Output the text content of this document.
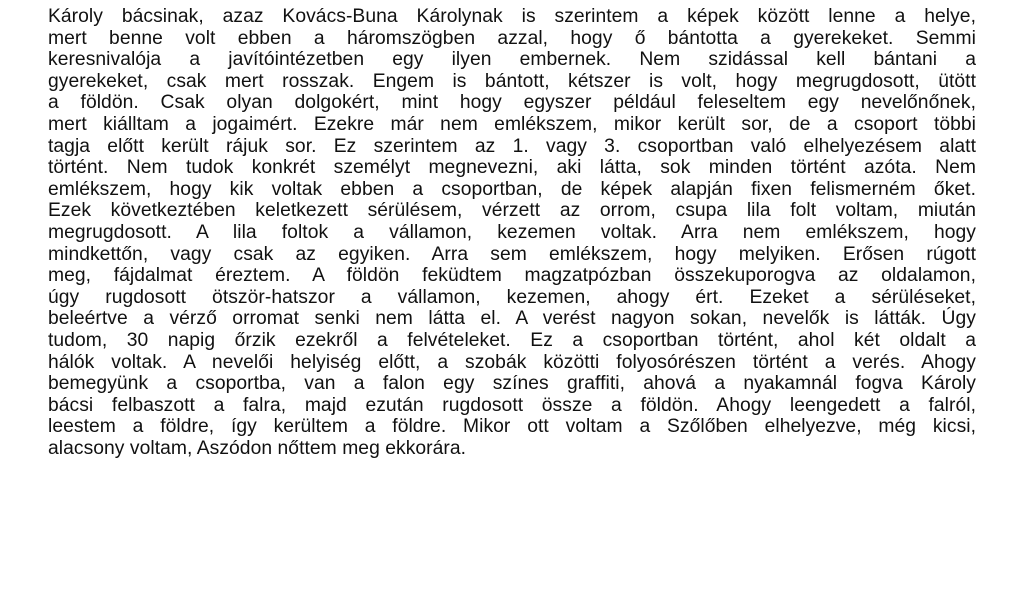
Károly bácsinak, azaz Kovács-Buna Károlynak is szerintem a képek között lenne a helye,
mert benne volt ebben a háromszögben azzal, hogy ő bántotta a gyerekeket. Semmi
keresnivalója a javítóintézetben egy ilyen embernek. Nem szidással kell bántani a
gyerekeket, csak mert rosszak. Engem is bántott, kétszer is volt, hogy megrugdosott, ütött
a földön. Csak olyan dolgokért, mint hogy egyszer például feleseltem egy nevelőnőnek,
mert kiálltam a jogaimért. Ezekre már nem emlékszem, mikor került sor, de a csoport többi
tagja előtt került rájuk sor. Ez szerintem az 1. vagy 3. csoportban való elhelyezésem alatt
történt. Nem tudok konkrét személyt megnevezni, aki látta, sok minden történt azóta. Nem
emlékszem, hogy kik voltak ebben a csoportban, de képek alapján fixen felismerném őket.
Ezek következtében keletkezett sérülésem, vérzett az orrom, csupa lila folt voltam, miután
megrugdosott. A lila foltok a vállamon, kezemen voltak. Arra nem emlékszem, hogy
mindkettőn, vagy csak az egyiken. Arra sem emlékszem, hogy melyiken. Erősen rúgott
meg, fájdalmat éreztem. A földön feküdtem magzatpózban összekuporogva az oldalamon,
úgy rugdosott ötször-hatszor a vállamon, kezemen, ahogy ért. Ezeket a sérüléseket,
beleértve a vérző orromat senki nem látta el. A verést nagyon sokan, nevelők is látták. Úgy
tudom, 30 napig őrzik ezekről a felvételeket. Ez a csoportban történt, ahol két oldalt a
hálók voltak. A nevelői helyiség előtt, a szobák közötti folyosórészen történt a verés. Ahogy
bemegyünk a csoportba, van a falon egy színes graffiti, ahová a nyakamnál fogva Károly
bácsi felbaszott a falra, majd ezután rugdosott össze a földön. Ahogy leengedett a falról,
leestem a földre, így kerültem a földre. Mikor ott voltam a Szőlőben elhelyezve, még kicsi,
alacsony voltam, Aszódon nőttem meg ekkorára.
